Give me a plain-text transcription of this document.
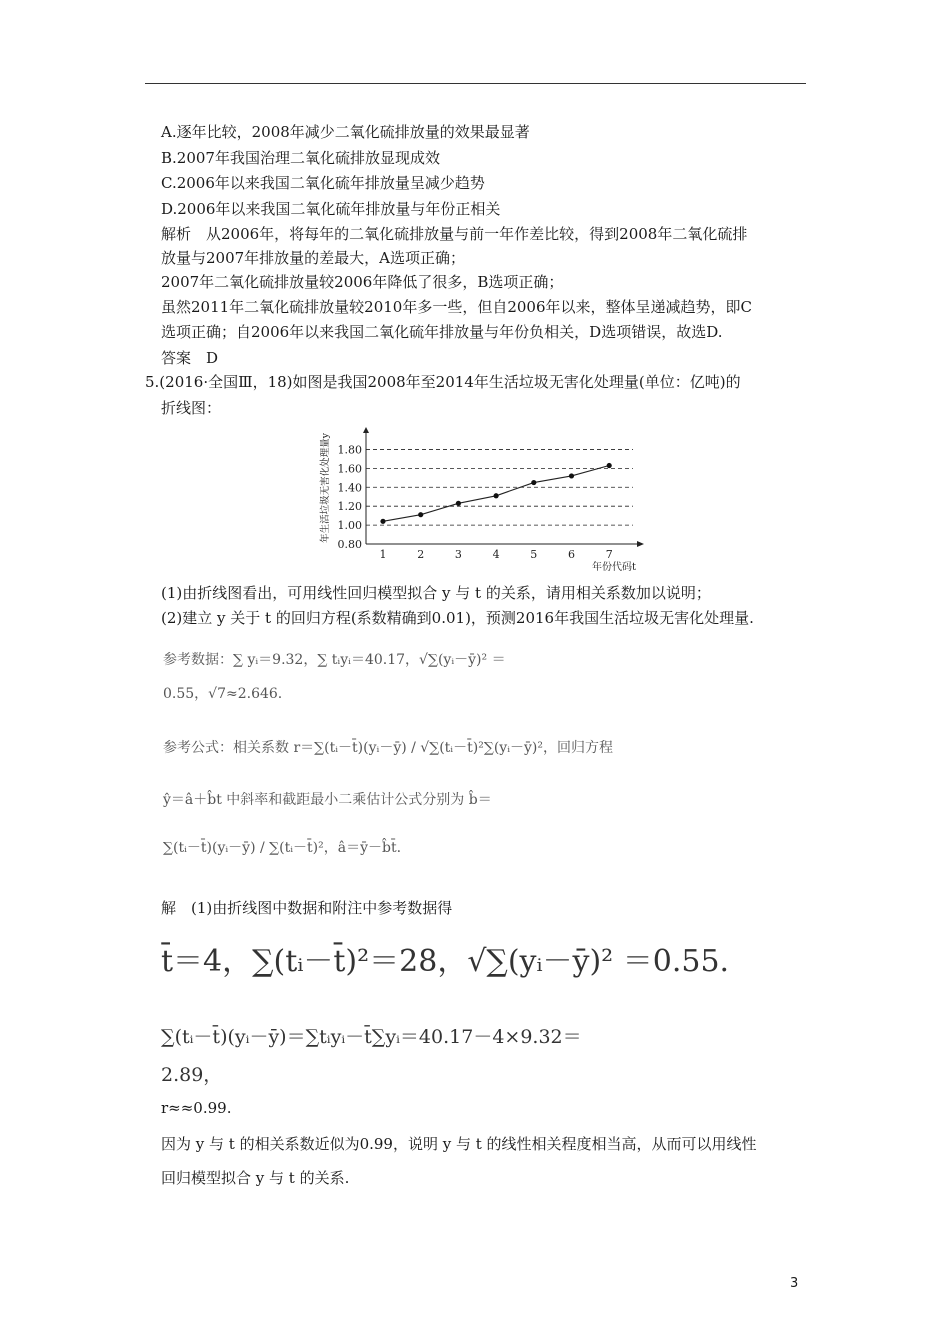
A.逐年比较，2008年减少二氧化硫排放量的效果最显著
B.2007年我国治理二氧化硫排放显现成效
C.2006年以来我国二氧化硫年排放量呈减少趋势
D.2006年以来我国二氧化硫年排放量与年份正相关
解析　从2006年，将每年的二氧化硫排放量与前一年作差比较，得到2008年二氧化硫排
放量与2007年排放量的差最大，A选项正确；
2007年二氧化硫排放量较2006年降低了很多，B选项正确；
虽然2011年二氧化硫排放量较2010年多一些，但自2006年以来，整体呈递减趋势，即C
选项正确；自2006年以来我国二氧化硫年排放量与年份负相关，D选项错误，故选D.
答案　D
5.(2016·全国Ⅲ，18)如图是我国2008年至2014年生活垃圾无害化处理量(单位：亿吨)的
折线图：
0.80
1.00
1.20
1.40
1.60
1.80
1	2	3	4	5	6	7
年份代码t
年生活垃圾无害化处理量y
(1)由折线图看出，可用线性回归模型拟合 y 与 t 的关系，请用相关系数加以说明；
(2)建立 y 关于 t 的回归方程(系数精确到0.01)，预测2016年我国生活垃圾无害化处理量.
参考数据：∑ yᵢ＝9.32，∑ tᵢyᵢ＝40.17，√∑(yᵢ－ȳ)² ＝
0.55，√7≈2.646.
参考公式：相关系数 r＝∑(tᵢ－t̄)(yᵢ－ȳ) / √∑(tᵢ－t̄)²∑(yᵢ－ȳ)²，回归方程
ŷ＝â＋b̂t 中斜率和截距最小二乘估计公式分别为 b̂＝
∑(tᵢ－t̄)(yᵢ－ȳ) / ∑(tᵢ－t̄)²，â＝ȳ－b̂t̄.
解　(1)由折线图中数据和附注中参考数据得
t̄＝4，∑(tᵢ－t̄)²＝28，√∑(yᵢ－ȳ)² ＝0.55.
∑(tᵢ－t̄)(yᵢ－ȳ)＝∑tᵢyᵢ－t̄∑yᵢ＝40.17－4×9.32＝
2.89，
r≈≈0.99.
因为 y 与 t 的相关系数近似为0.99，说明 y 与 t 的线性相关程度相当高，从而可以用线性
回归模型拟合 y 与 t 的关系.
3
